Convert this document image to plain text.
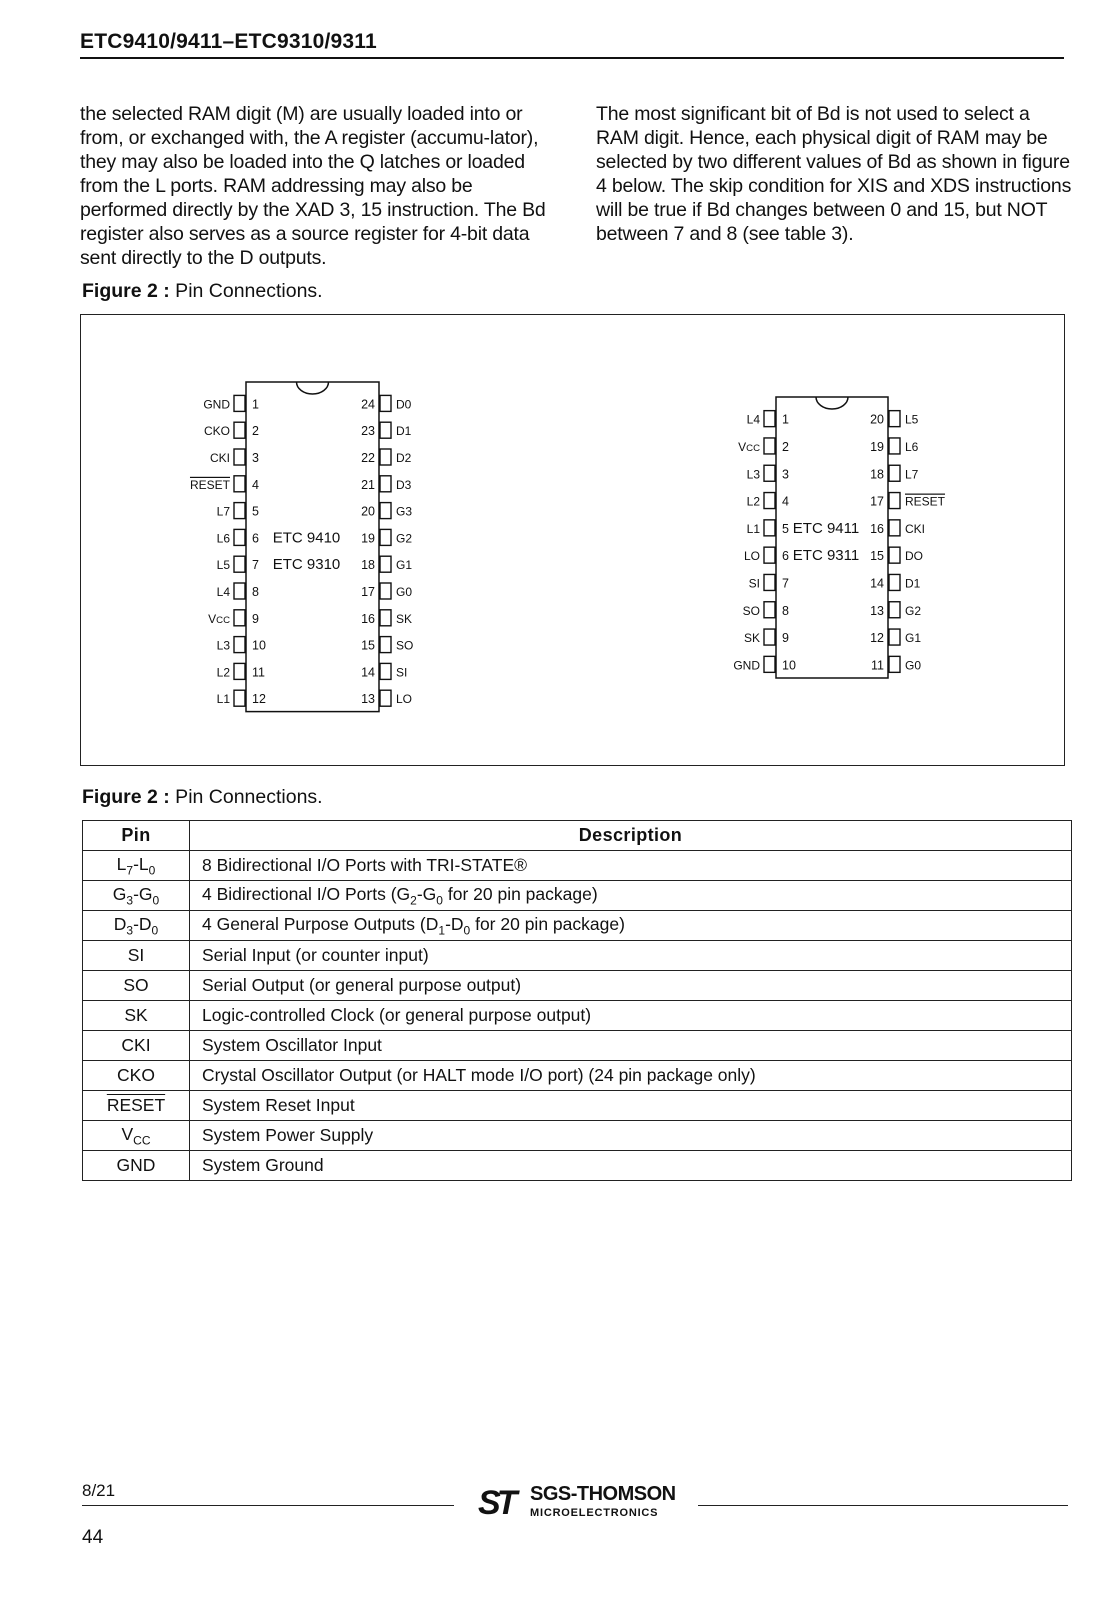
ETC9410/9411–ETC9310/9311

the selected RAM digit (M) are usually loaded into or from, or exchanged with, the A register (accumu-lator), they may also be loaded into the Q latches or loaded from the L ports. RAM addressing may also be performed directly by the XAD 3, 15 instruction. The Bd register also serves as a source register for 4-bit data sent directly to the D outputs.

The most significant bit of Bd is not used to select a RAM digit. Hence, each physical digit of RAM may be selected by two different values of Bd as shown in figure 4 below. The skip condition for XIS and XDS instructions will be true if Bd changes between 0 and 15, but NOT between 7 and 8 (see table 3).

Figure 2 : Pin Connections.
GND 1
CKO 2
CKI 3
RESET 4
L7 5
L6 6
L5 7
L4 8
VCC 9
L3 10
L2 11
L1 12
D0
24
D1
23
D2
22
D3
21
G3
20
G2
19
G1
18
G0
17
SK
16
SO
15
SI
14
LO
13
ETC 9410
ETC 9310
L4 1
VCC 2
L3 3
L2 4
L1 5
LO 6
SI 7
SO 8
SK 9
GND 10
L5
20
L6
19
L7
18
RESET
17
CKI
16
DO
15
D1
14
G2
13
G1
12
G0
11
ETC 9411
ETC 9311
Figure 2 : Pin Connections.
Pin	Description
$L_7-L_0$	8 Bidirectional I/O Ports with TRI-STATE®
$G_3-G_0$	4 Bidirectional I/O Ports ($G_2-G_0$ for 20 pin package)
$D_3-D_0$	4 General Purpose Outputs ($D_1-D_0$ for 20 pin package)
SI	Serial Input (or counter input)
SO	Serial Output (or general purpose output)
SK	Logic-controlled Clock (or general purpose output)
CKI	System Oscillator Input
CKO	Crystal Oscillator Output (or HALT mode I/O port) (24 pin package only)
RESET	System Reset Input
$V_{CC}$	System Power Supply
GND	System Ground
8/21	ST SGS-THOMSON
MICROELECTRONICS
44
